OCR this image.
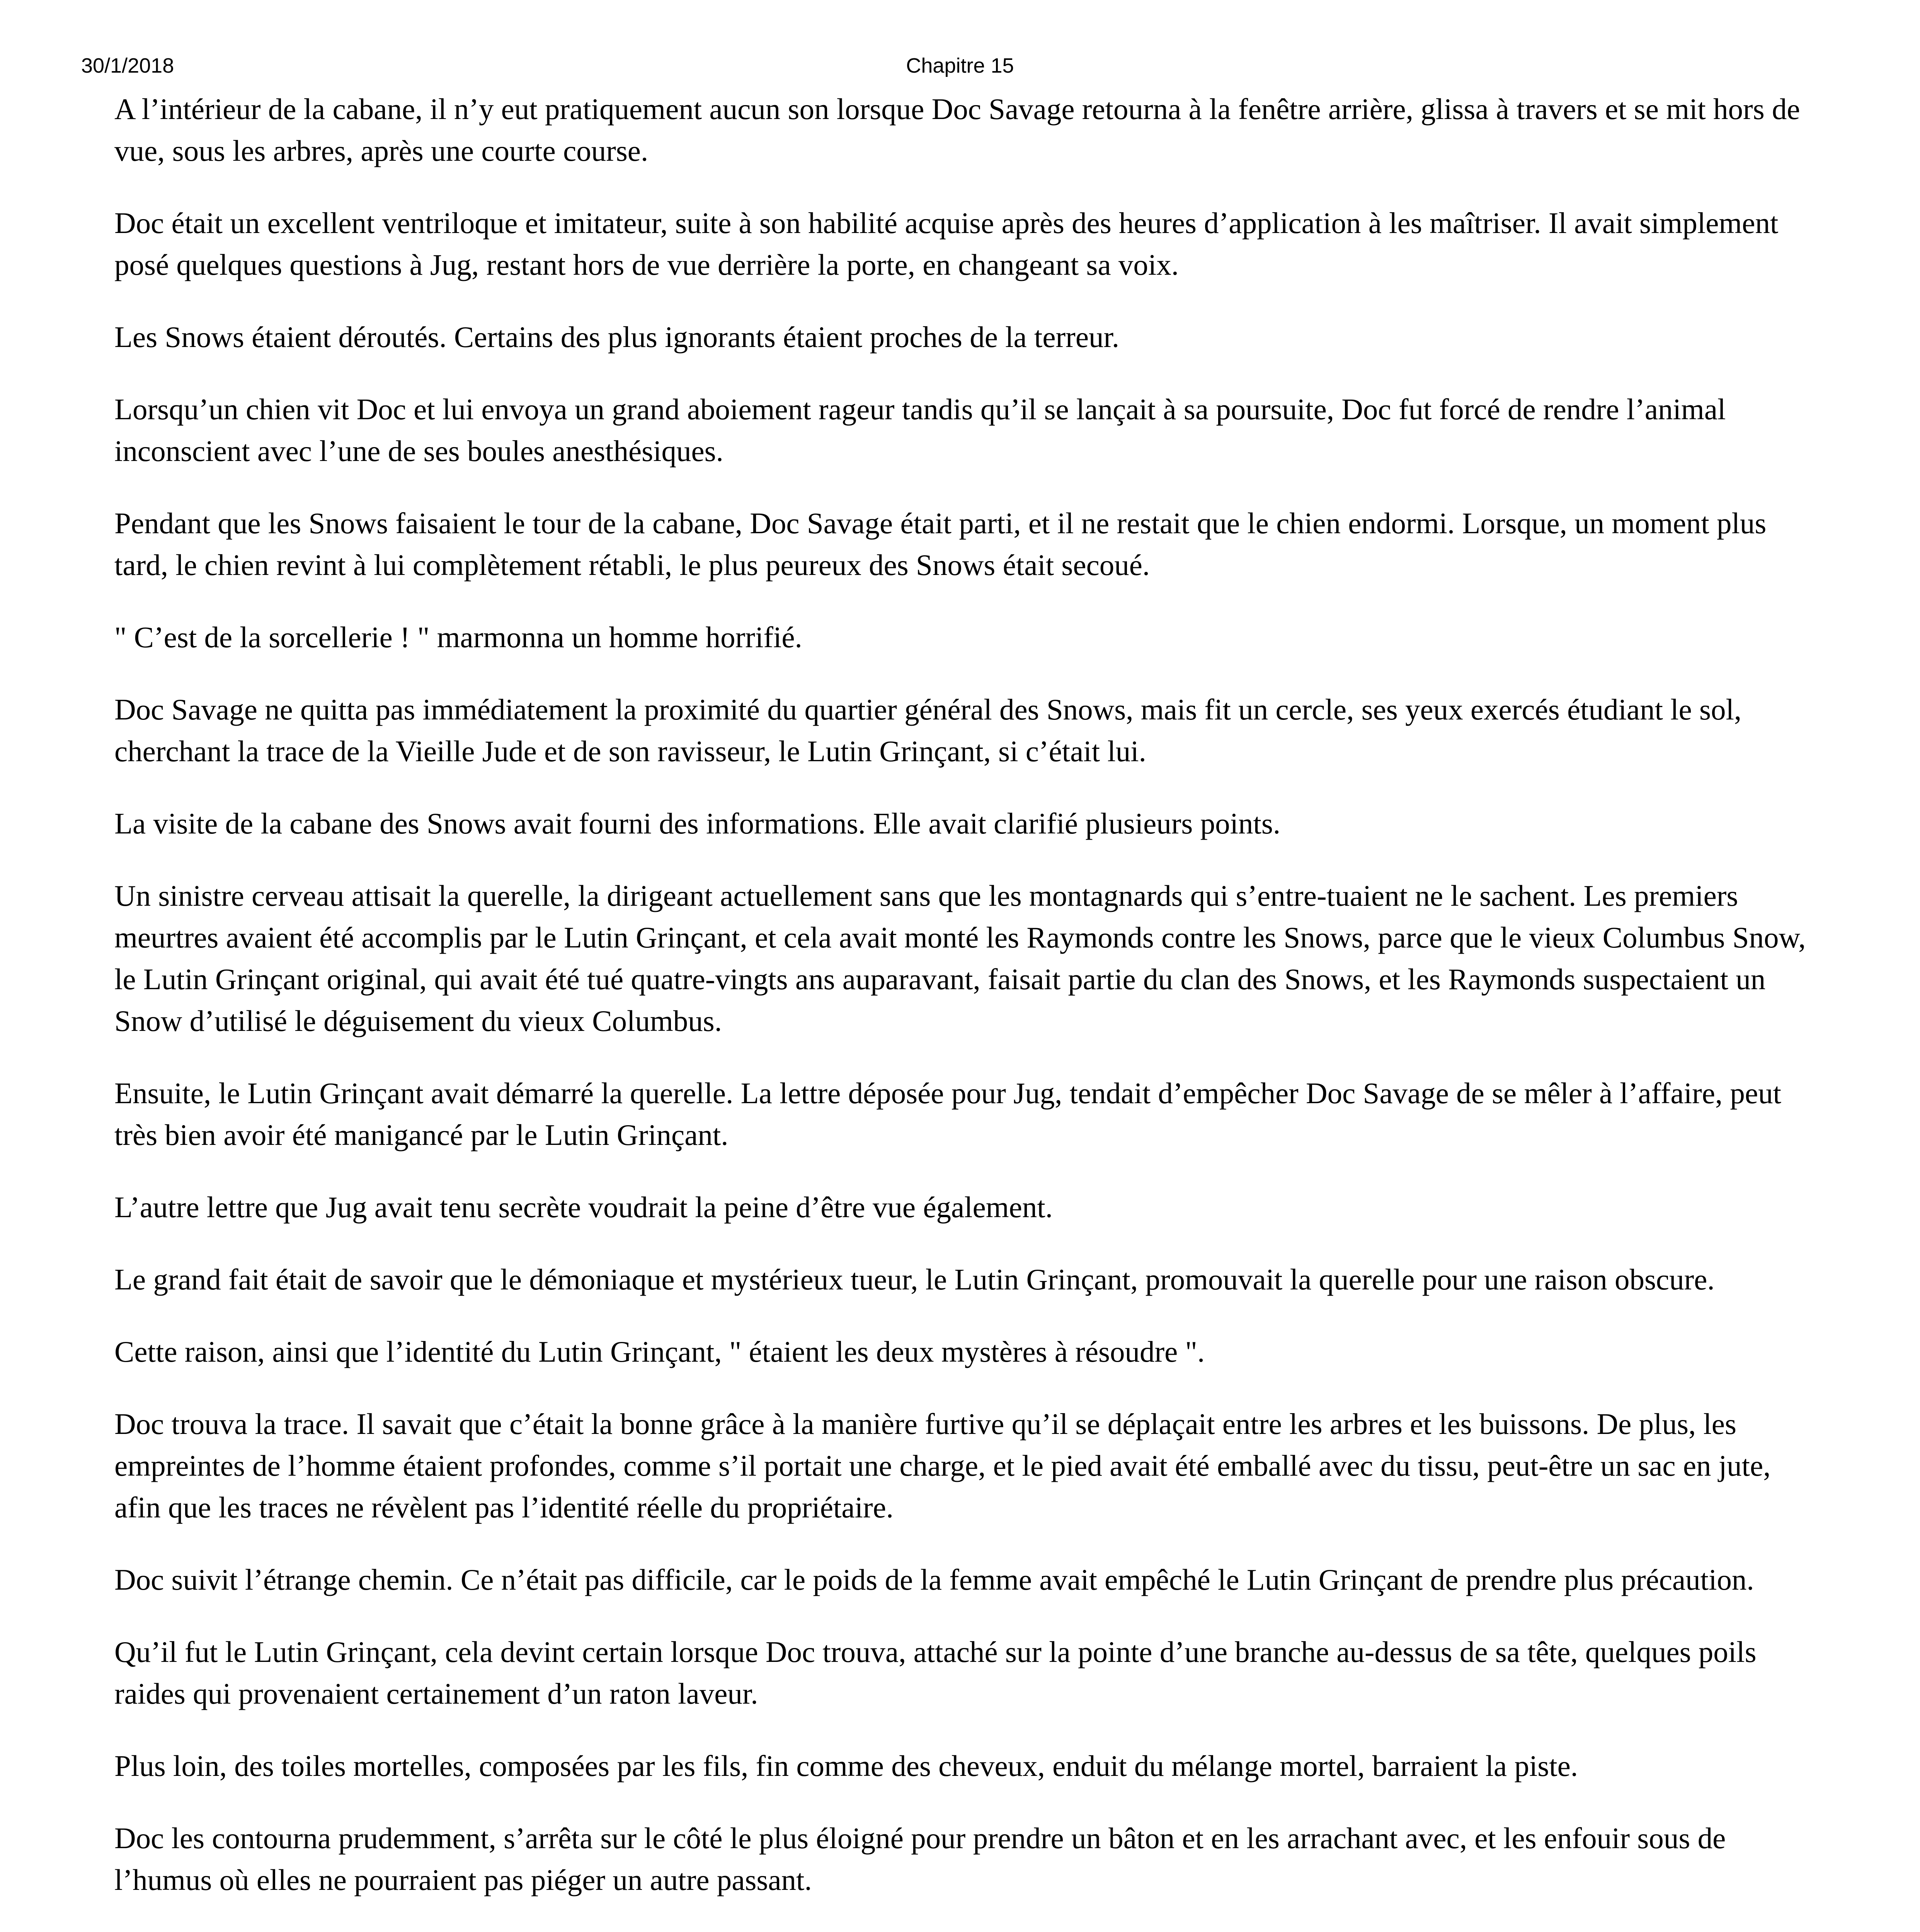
30/1/2018	Chapitre 15

A l’intérieur de la cabane, il n’y eut pratiquement aucun son lorsque Doc Savage retourna à la fenêtre arrière, glissa à travers et se mit hors de vue, sous les arbres, après une courte course.

Doc était un excellent ventriloque et imitateur, suite à son habilité acquise après des heures d’application à les maîtriser. Il avait simplement posé quelques questions à Jug, restant hors de vue derrière la porte, en changeant sa voix.

Les Snows étaient déroutés. Certains des plus ignorants étaient proches de la terreur.

Lorsqu’un chien vit Doc et lui envoya un grand aboiement rageur tandis qu’il se lançait à sa poursuite, Doc fut forcé de rendre l’animal inconscient avec l’une de ses boules anesthésiques.

Pendant que les Snows faisaient le tour de la cabane, Doc Savage était parti, et il ne restait que le chien endormi. Lorsque, un moment plus tard, le chien revint à lui complètement rétabli, le plus peureux des Snows était secoué.

" C’est de la sorcellerie ! " marmonna un homme horrifié.

Doc Savage ne quitta pas immédiatement la proximité du quartier général des Snows, mais fit un cercle, ses yeux exercés étudiant le sol, cherchant la trace de la Vieille Jude et de son ravisseur, le Lutin Grinçant, si c’était lui.

La visite de la cabane des Snows avait fourni des informations. Elle avait clarifié plusieurs points.

Un sinistre cerveau attisait la querelle, la dirigeant actuellement sans que les montagnards qui s’entre-tuaient ne le sachent. Les premiers meurtres avaient été accomplis par le Lutin Grinçant, et cela avait monté les Raymonds contre les Snows, parce que le vieux Columbus Snow, le Lutin Grinçant original, qui avait été tué quatre-vingts ans auparavant, faisait partie du clan des Snows, et les Raymonds suspectaient un Snow d’utilisé le déguisement du vieux Columbus.

Ensuite, le Lutin Grinçant avait démarré la querelle. La lettre déposée pour Jug, tendait d’empêcher Doc Savage de se mêler à l’affaire, peut très bien avoir été manigancé par le Lutin Grinçant.

L’autre lettre que Jug avait tenu secrète voudrait la peine d’être vue également.

Le grand fait était de savoir que le démoniaque et mystérieux tueur, le Lutin Grinçant, promouvait la querelle pour une raison obscure.

Cette raison, ainsi que l’identité du Lutin Grinçant, " étaient les deux mystères à résoudre ".

Doc trouva la trace. Il savait que c’était la bonne grâce à la manière furtive qu’il se déplaçait entre les arbres et les buissons. De plus, les empreintes de l’homme étaient profondes, comme s’il portait une charge, et le pied avait été emballé avec du tissu, peut-être un sac en jute, afin que les traces ne révèlent pas l’identité réelle du propriétaire.

Doc suivit l’étrange chemin. Ce n’était pas difficile, car le poids de la femme avait empêché le Lutin Grinçant de prendre plus précaution.

Qu’il fut le Lutin Grinçant, cela devint certain lorsque Doc trouva, attaché sur la pointe d’une branche au-dessus de sa tête, quelques poils raides qui provenaient certainement d’un raton laveur.

Plus loin, des toiles mortelles, composées par les fils, fin comme des cheveux, enduit du mélange mortel, barraient la piste.

Doc les contourna prudemment, s’arrêta sur le côté le plus éloigné pour prendre un bâton et en les arrachant avec, et les enfouir sous de l’humus où elles ne pourraient pas piéger un autre passant.
